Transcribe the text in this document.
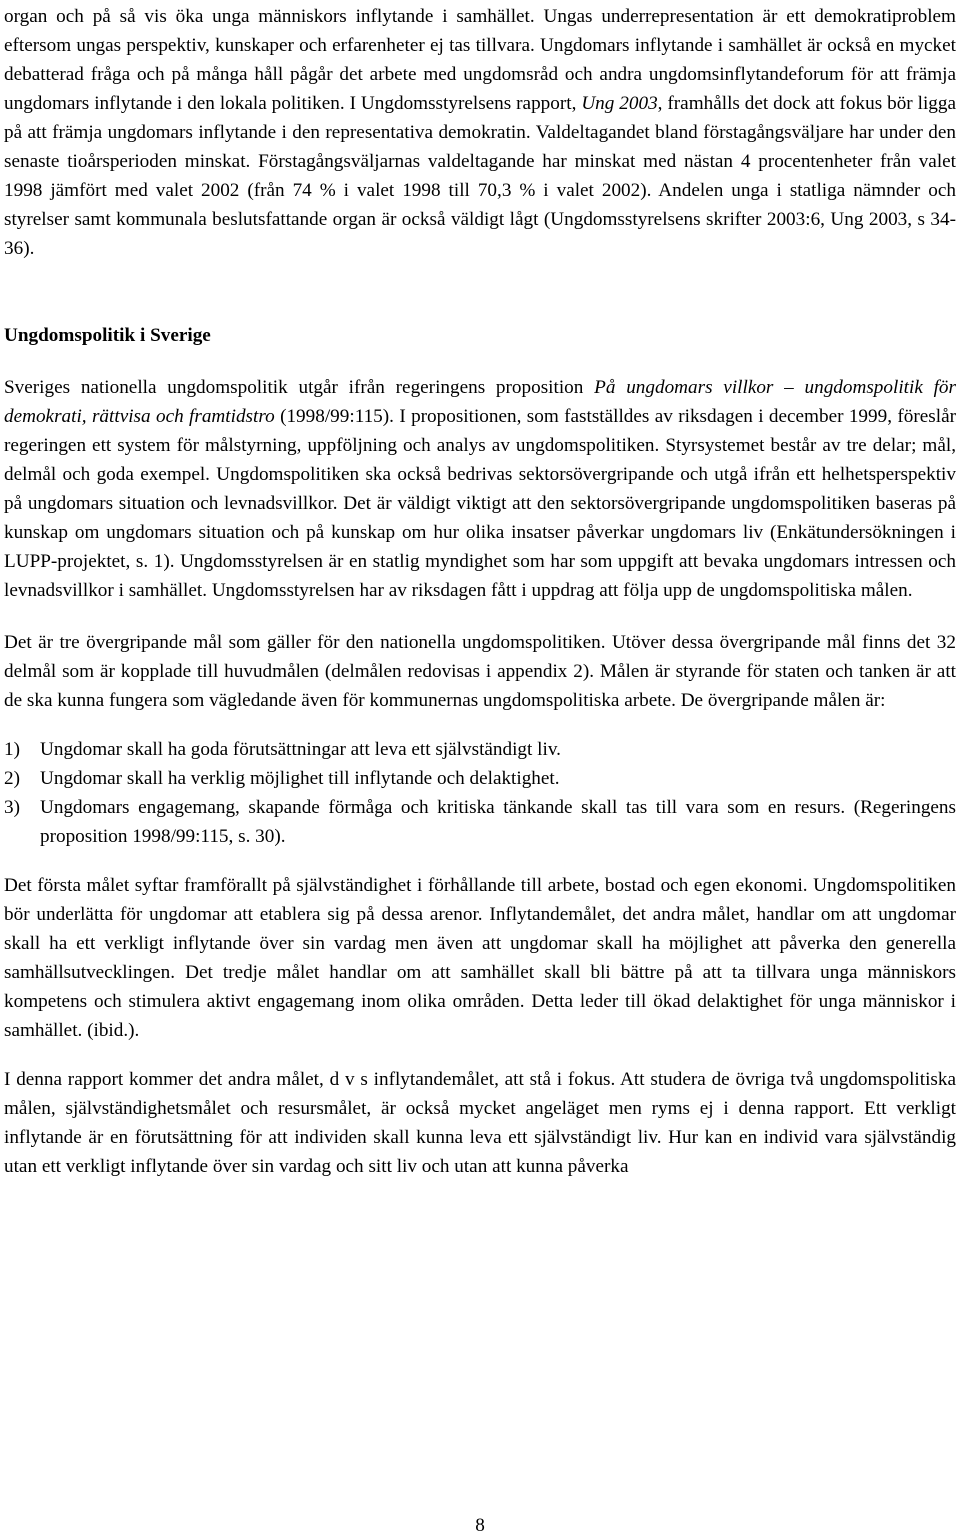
organ och på så vis öka unga människors inflytande i samhället. Ungas underrepresentation är ett demokratiproblem eftersom ungas perspektiv, kunskaper och erfarenheter ej tas tillvara. Ungdomars inflytande i samhället är också en mycket debatterad fråga och på många håll pågår det arbete med ungdomsråd och andra ungdomsinflytandeforum för att främja ungdomars inflytande i den lokala politiken. I Ungdomsstyrelsens rapport, Ung 2003, framhålls det dock att fokus bör ligga på att främja ungdomars inflytande i den representativa demokratin. Valdeltagandet bland förstagångsväljare har under den senaste tioårsperioden minskat. Förstagångsväljarnas valdeltagande har minskat med nästan 4 procentenheter från valet 1998 jämfört med valet 2002 (från 74 % i valet 1998 till 70,3 % i valet 2002). Andelen unga i statliga nämnder och styrelser samt kommunala beslutsfattande organ är också väldigt lågt (Ungdomsstyrelsens skrifter 2003:6, Ung 2003, s 34-36).

Ungdomspolitik i Sverige

Sveriges nationella ungdomspolitik utgår ifrån regeringens proposition På ungdomars villkor – ungdomspolitik för demokrati, rättvisa och framtidstro (1998/99:115). I propositionen, som fastställdes av riksdagen i december 1999, föreslår regeringen ett system för målstyrning, uppföljning och analys av ungdomspolitiken. Styrsystemet består av tre delar; mål, delmål och goda exempel. Ungdomspolitiken ska också bedrivas sektorsövergripande och utgå ifrån ett helhetsperspektiv på ungdomars situation och levnadsvillkor. Det är väldigt viktigt att den sektorsövergripande ungdomspolitiken baseras på kunskap om ungdomars situation och på kunskap om hur olika insatser påverkar ungdomars liv (Enkätundersökningen i LUPP-projektet, s. 1). Ungdomsstyrelsen är en statlig myndighet som har som uppgift att bevaka ungdomars intressen och levnadsvillkor i samhället. Ungdomsstyrelsen har av riksdagen fått i uppdrag att följa upp de ungdomspolitiska målen.

Det är tre övergripande mål som gäller för den nationella ungdomspolitiken. Utöver dessa övergripande mål finns det 32 delmål som är kopplade till huvudmålen (delmålen redovisas i appendix 2). Målen är styrande för staten och tanken är att de ska kunna fungera som vägledande även för kommunernas ungdomspolitiska arbete. De övergripande målen är:

1)	Ungdomar skall ha goda förutsättningar att leva ett självständigt liv.
2)	Ungdomar skall ha verklig möjlighet till inflytande och delaktighet.
3)	Ungdomars engagemang, skapande förmåga och kritiska tänkande skall tas till vara som en resurs. (Regeringens proposition 1998/99:115, s. 30).

Det första målet syftar framförallt på självständighet i förhållande till arbete, bostad och egen ekonomi. Ungdomspolitiken bör underlätta för ungdomar att etablera sig på dessa arenor. Inflytandemålet, det andra målet, handlar om att ungdomar skall ha ett verkligt inflytande över sin vardag men även att ungdomar skall ha möjlighet att påverka den generella samhällsutvecklingen. Det tredje målet handlar om att samhället skall bli bättre på att ta tillvara unga människors kompetens och stimulera aktivt engagemang inom olika områden. Detta leder till ökad delaktighet för unga människor i samhället. (ibid.).

I denna rapport kommer det andra målet, d v s inflytandemålet, att stå i fokus. Att studera de övriga två ungdomspolitiska målen, självständighetsmålet och resursmålet, är också mycket angeläget men ryms ej i denna rapport. Ett verkligt inflytande är en förutsättning för att individen skall kunna leva ett självständigt liv. Hur kan en individ vara självständig utan ett verkligt inflytande över sin vardag och sitt liv och utan att kunna påverka

8
